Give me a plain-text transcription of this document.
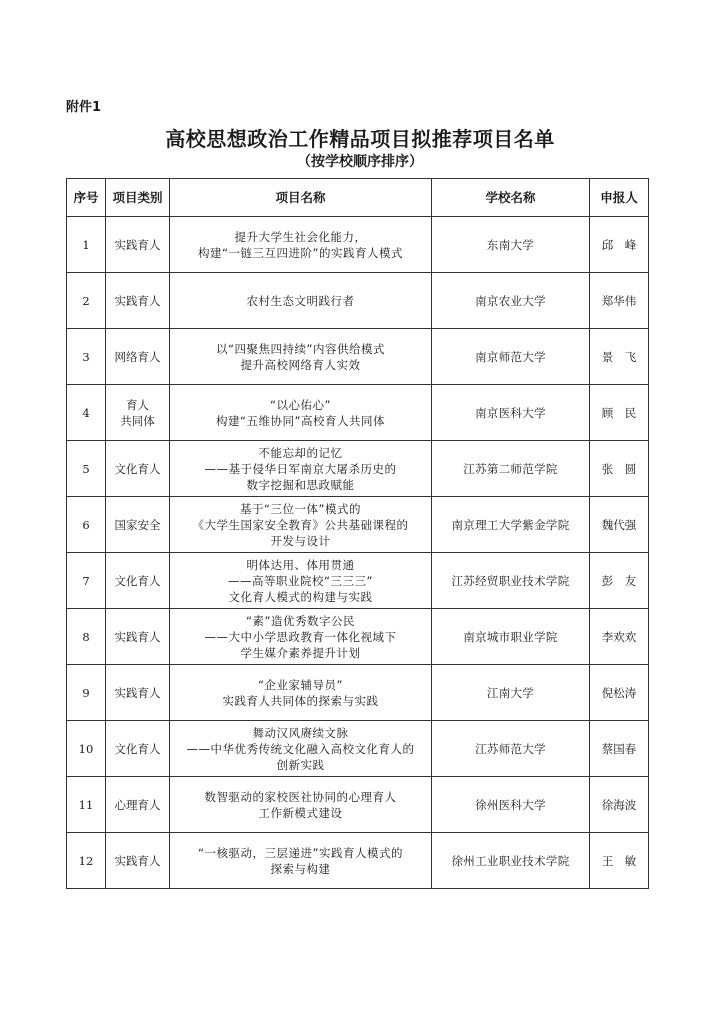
附件1
高校思想政治工作精品项目拟推荐项目名单
（按学校顺序排序）
序号	项目类别	项目名称	学校名称	申报人
1	实践育人	提升大学生社会化能力，
构建“一链三互四进阶”的实践育人模式	东南大学	邱　峰
2	实践育人	农村生态文明践行者	南京农业大学	郑华伟
3	网络育人	以“四聚焦四持续”内容供给模式
提升高校网络育人实效	南京师范大学	景　飞
4	育人
共同体	“以心佑心”
构建“五维协同”高校育人共同体	南京医科大学	顾　民
5	文化育人	不能忘却的记忆
——基于侵华日军南京大屠杀历史的
数字挖掘和思政赋能	江苏第二师范学院	张　圆
6	国家安全	基于“三位一体”模式的
《大学生国家安全教育》公共基础课程的
开发与设计	南京理工大学紫金学院	魏代强
7	文化育人	明体达用、体用贯通
——高等职业院校“三三三”
文化育人模式的构建与实践	江苏经贸职业技术学院	彭　友
8	实践育人	“素”造优秀数字公民
——大中小学思政教育一体化视域下
学生媒介素养提升计划	南京城市职业学院	李欢欢
9	实践育人	“企业家辅导员”
实践育人共同体的探索与实践	江南大学	倪松涛
10	文化育人	舞动汉风赓续文脉
——中华优秀传统文化融入高校文化育人的
创新实践	江苏师范大学	蔡国春
11	心理育人	数智驱动的家校医社协同的心理育人
工作新模式建设	徐州医科大学	徐海波
12	实践育人	“一核驱动，三层递进”实践育人模式的
探索与构建	徐州工业职业技术学院	王　敏
